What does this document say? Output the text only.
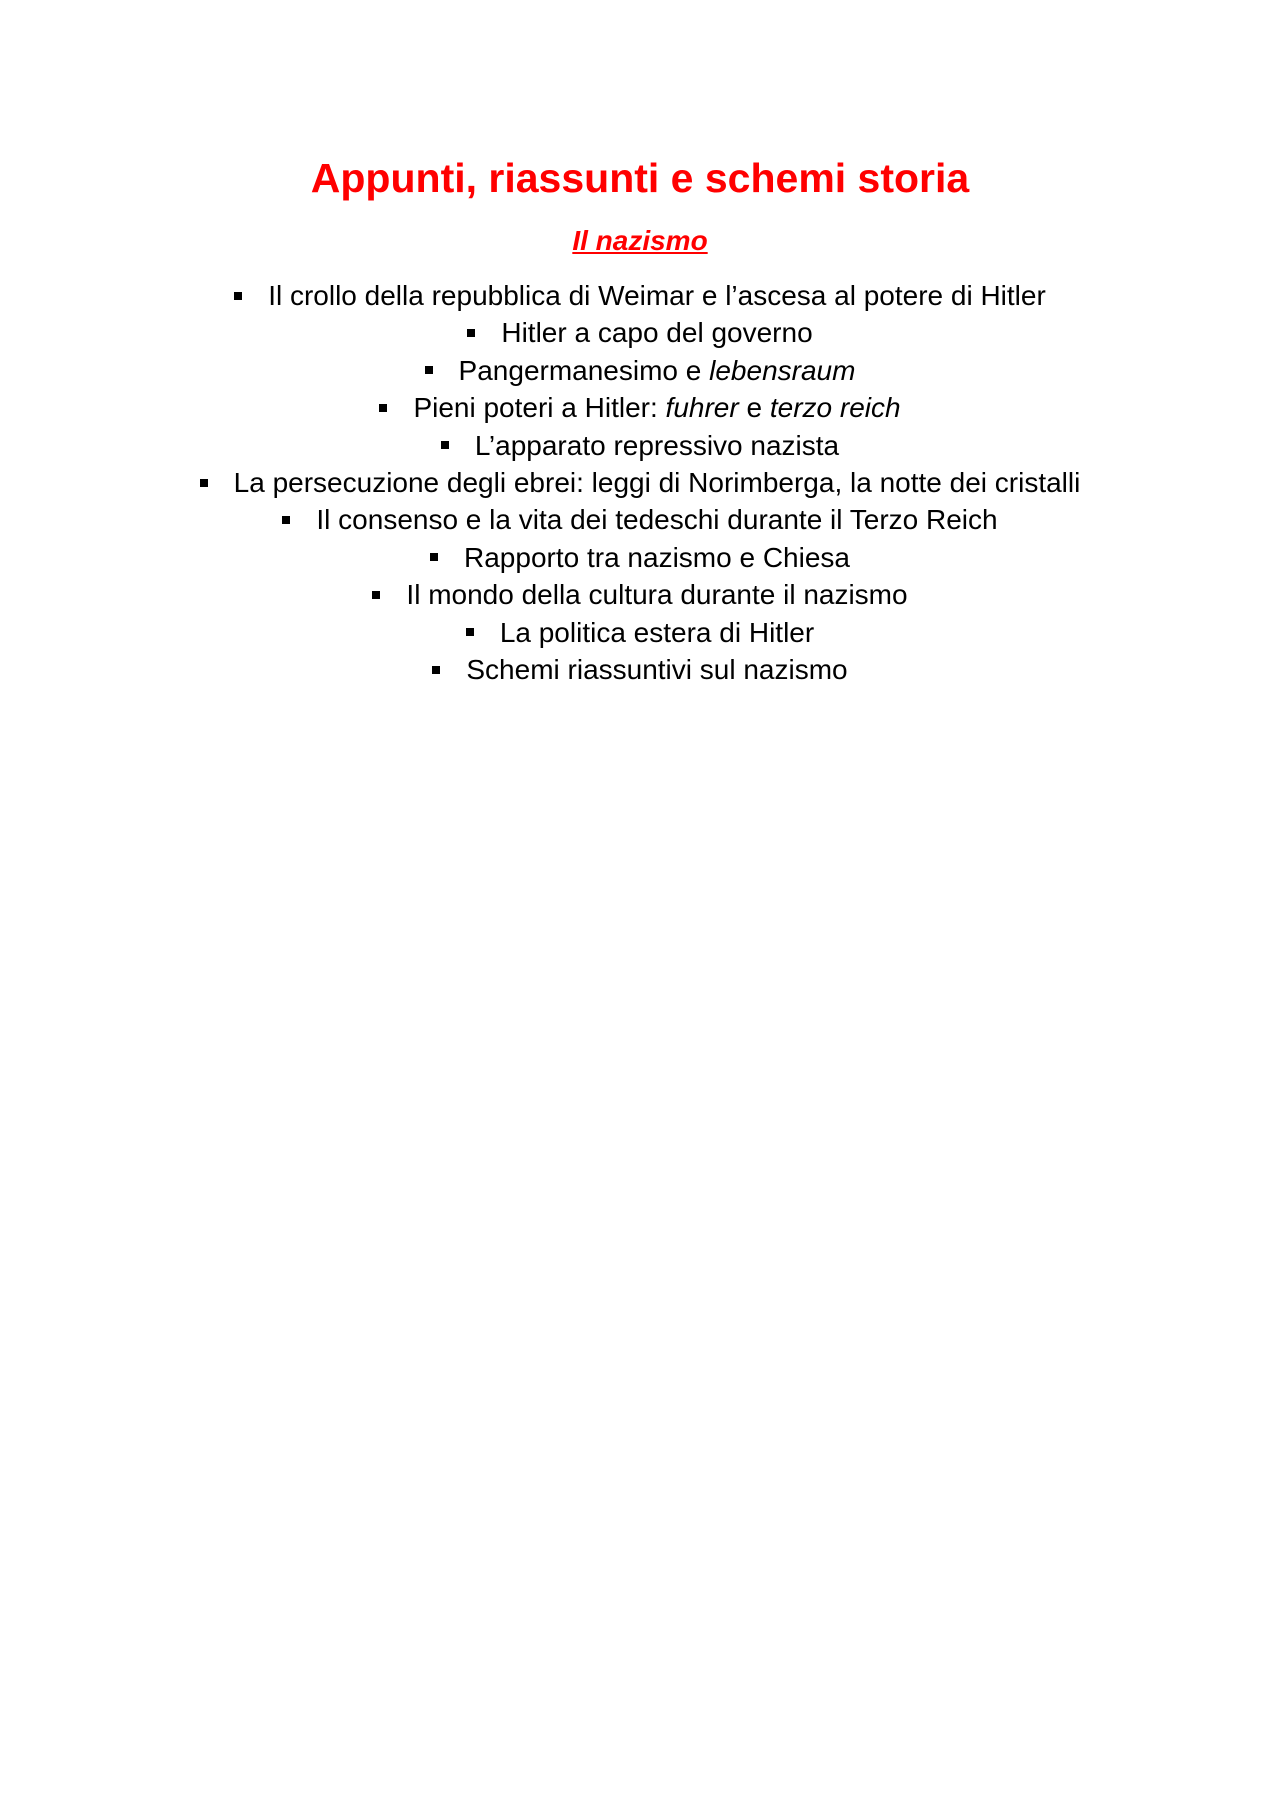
Appunti, riassunti e schemi storia
Il nazismo
Il crollo della repubblica di Weimar e l’ascesa al potere di Hitler
Hitler a capo del governo
Pangermanesimo e lebensraum
Pieni poteri a Hitler: fuhrer e terzo reich
L’apparato repressivo nazista
La persecuzione degli ebrei: leggi di Norimberga, la notte dei cristalli
Il consenso e la vita dei tedeschi durante il Terzo Reich
Rapporto tra nazismo e Chiesa
Il mondo della cultura durante il nazismo
La politica estera di Hitler
Schemi riassuntivi sul nazismo
